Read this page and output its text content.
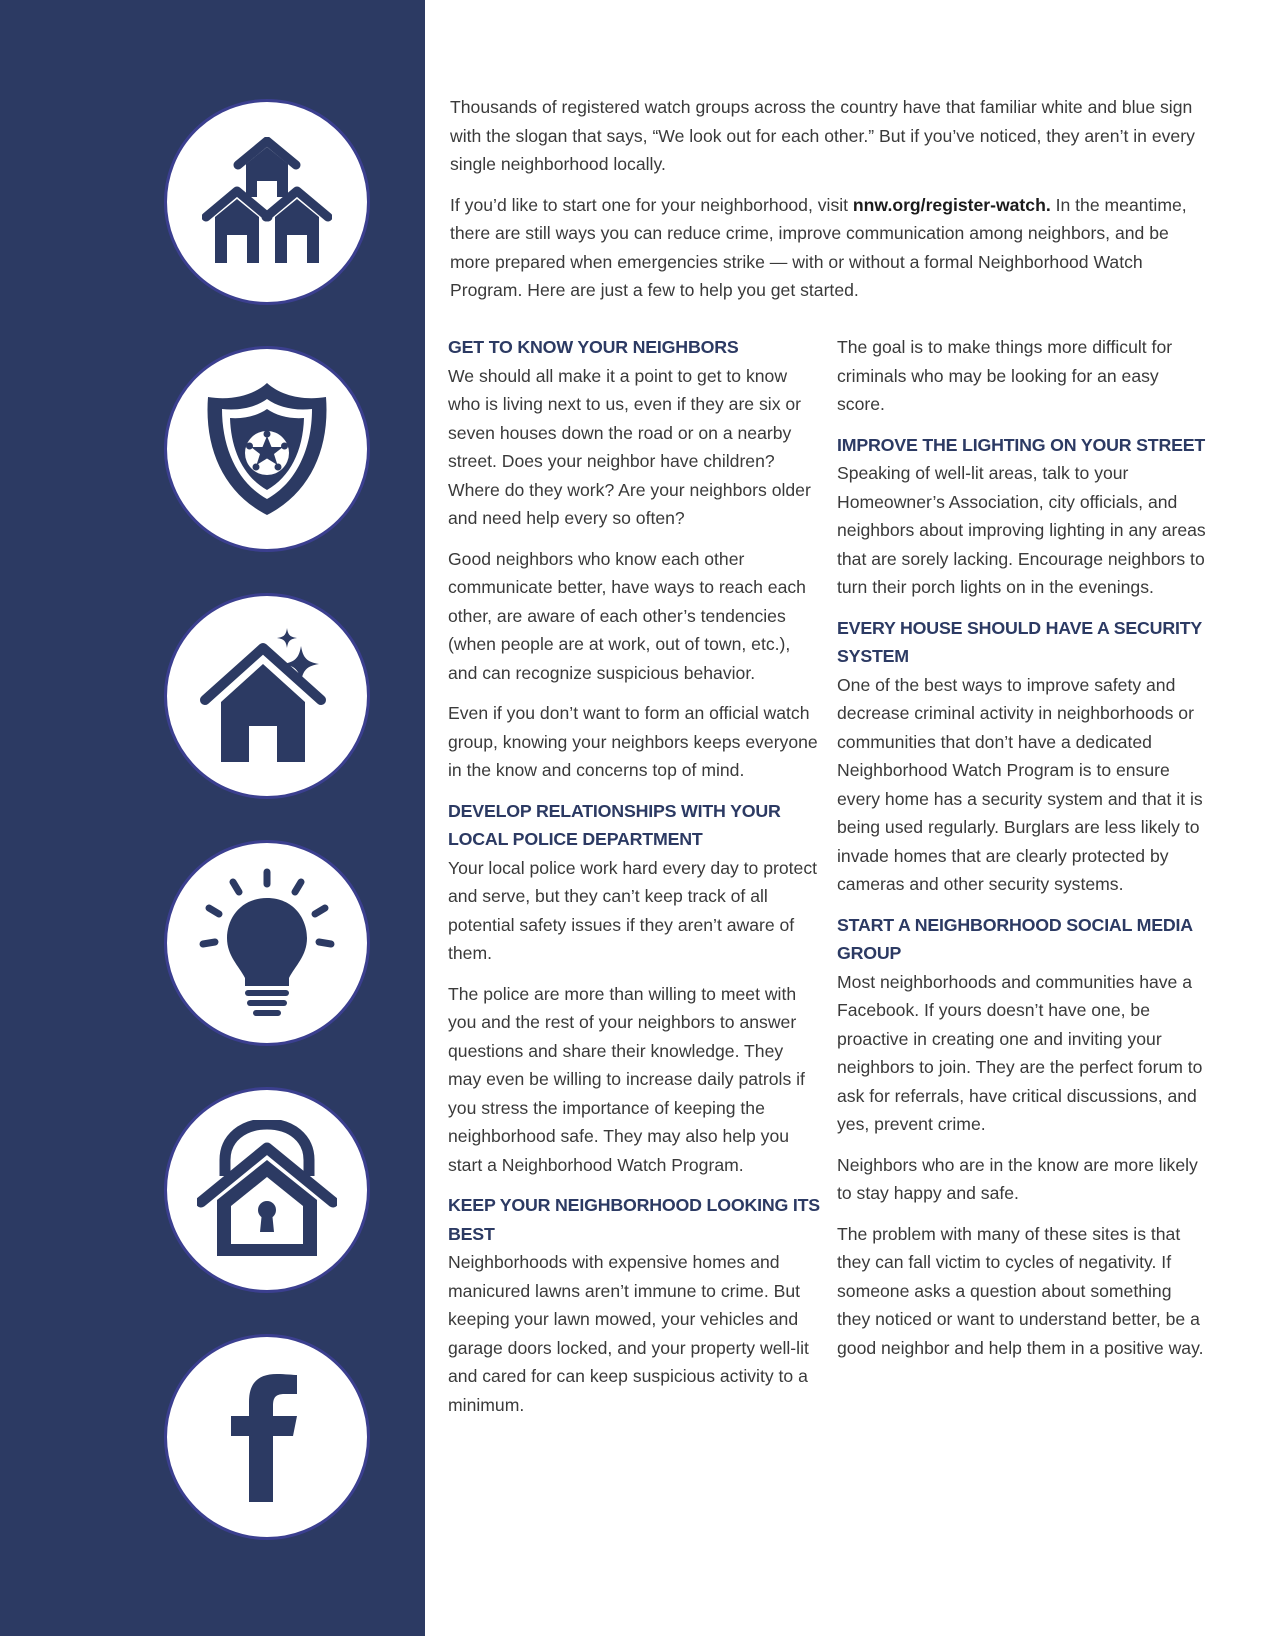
Thousands of registered watch groups across the country have that familiar white and blue sign with the slogan that says, “We look out for each other.” But if you’ve noticed, they aren’t in every single neighborhood locally.

If you’d like to start one for your neighborhood, visit nnw.org/register-watch. In the meantime, there are still ways you can reduce crime, improve communication among neighbors, and be more prepared when emergencies strike — with or without a formal Neighborhood Watch Program. Here are just a few to help you get started.

GET TO KNOW YOUR NEIGHBORS

We should all make it a point to get to know who is living next to us, even if they are six or seven houses down the road or on a nearby street. Does your neighbor have children? Where do they work? Are your neighbors older and need help every so often?

Good neighbors who know each other communicate better, have ways to reach each other, are aware of each other’s tendencies (when people are at work, out of town, etc.), and can recognize suspicious behavior.

Even if you don’t want to form an official watch group, knowing your neighbors keeps everyone in the know and concerns top of mind.

DEVELOP RELATIONSHIPS WITH YOUR LOCAL POLICE DEPARTMENT

Your local police work hard every day to protect and serve, but they can’t keep track of all potential safety issues if they aren’t aware of them.

The police are more than willing to meet with you and the rest of your neighbors to answer questions and share their knowledge. They may even be willing to increase daily patrols if you stress the importance of keeping the neighborhood safe. They may also help you start a Neighborhood Watch Program.

KEEP YOUR NEIGHBORHOOD LOOKING ITS BEST

Neighborhoods with expensive homes and manicured lawns aren’t immune to crime. But keeping your lawn mowed, your vehicles and garage doors locked, and your property well-lit and cared for can keep suspicious activity to a minimum.

The goal is to make things more difficult for criminals who may be looking for an easy score.

IMPROVE THE LIGHTING ON YOUR STREET

Speaking of well-lit areas, talk to your Homeowner’s Association, city officials, and neighbors about improving lighting in any areas that are sorely lacking. Encourage neighbors to turn their porch lights on in the evenings.

EVERY HOUSE SHOULD HAVE A SECURITY SYSTEM

One of the best ways to improve safety and decrease criminal activity in neighborhoods or communities that don’t have a dedicated Neighborhood Watch Program is to ensure every home has a security system and that it is being used regularly. Burglars are less likely to invade homes that are clearly protected by cameras and other security systems.

START A NEIGHBORHOOD SOCIAL MEDIA GROUP

Most neighborhoods and communities have a Facebook. If yours doesn’t have one, be proactive in creating one and inviting your neighbors to join. They are the perfect forum to ask for referrals, have critical discussions, and yes, prevent crime.

Neighbors who are in the know are more likely to stay happy and safe.

The problem with many of these sites is that they can fall victim to cycles of negativity. If someone asks a question about something they noticed or want to understand better, be a good neighbor and help them in a positive way.
